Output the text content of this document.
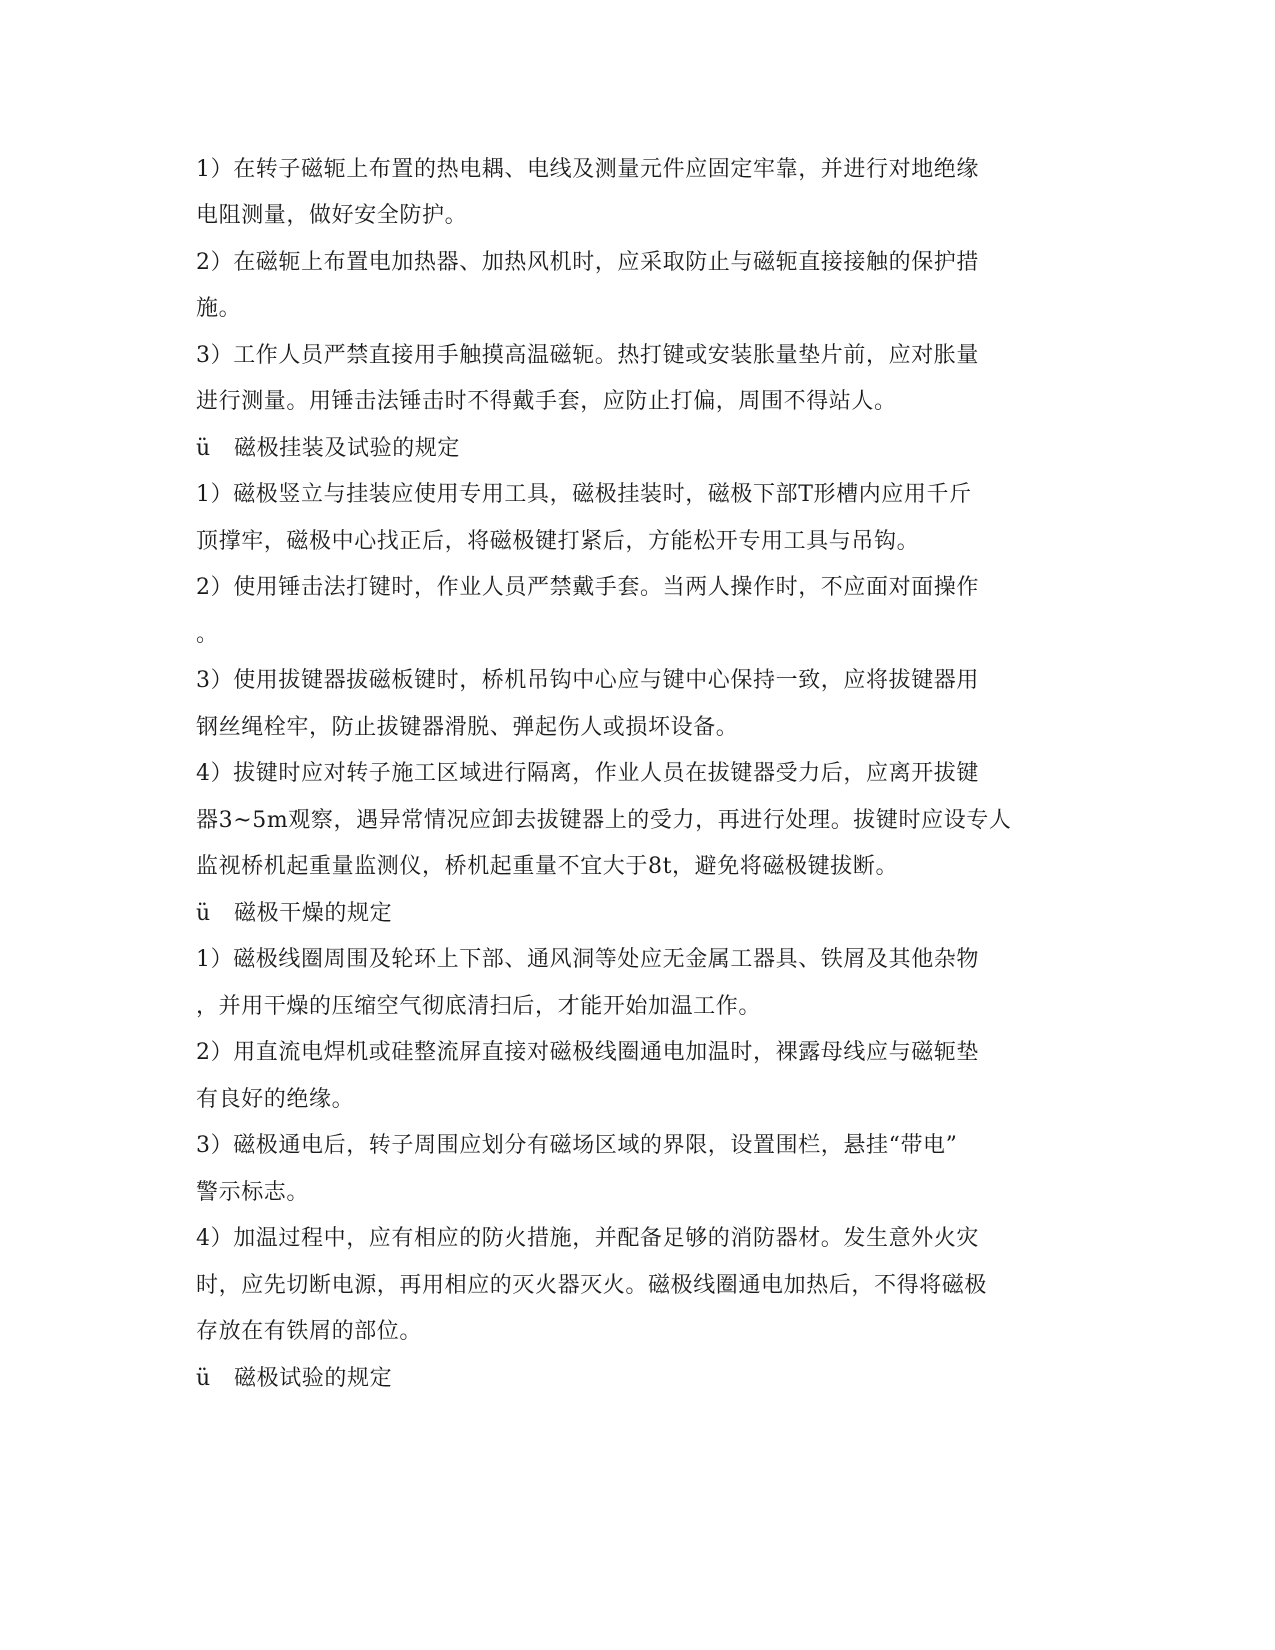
1）在转子磁轭上布置的热电耦、电线及测量元件应固定牢靠，并进行对地绝缘
电阻测量，做好安全防护。
2）在磁轭上布置电加热器、加热风机时，应采取防止与磁轭直接接触的保护措
施。
3）工作人员严禁直接用手触摸高温磁轭。热打键或安装胀量垫片前，应对胀量
进行测量。用锤击法锤击时不得戴手套，应防止打偏，周围不得站人。
ü 磁极挂装及试验的规定
1）磁极竖立与挂装应使用专用工具，磁极挂装时，磁极下部T形槽内应用千斤
顶撑牢，磁极中心找正后，将磁极键打紧后，方能松开专用工具与吊钩。
2）使用锤击法打键时，作业人员严禁戴手套。当两人操作时，不应面对面操作
。
3）使用拔键器拔磁板键时，桥机吊钩中心应与键中心保持一致，应将拔键器用
钢丝绳栓牢，防止拔键器滑脱、弹起伤人或损坏设备。
4）拔键时应对转子施工区域进行隔离，作业人员在拔键器受力后，应离开拔键
器3~5m观察，遇异常情况应卸去拔键器上的受力，再进行处理。拔键时应设专人
监视桥机起重量监测仪，桥机起重量不宜大于8t，避免将磁极键拔断。
ü 磁极干燥的规定
1）磁极线圈周围及轮环上下部、通风洞等处应无金属工器具、铁屑及其他杂物
，并用干燥的压缩空气彻底清扫后，才能开始加温工作。
2）用直流电焊机或硅整流屏直接对磁极线圈通电加温时，裸露母线应与磁轭垫
有良好的绝缘。
3）磁极通电后，转子周围应划分有磁场区域的界限，设置围栏，悬挂“带电”
警示标志。
4）加温过程中，应有相应的防火措施，并配备足够的消防器材。发生意外火灾
时，应先切断电源，再用相应的灭火器灭火。磁极线圈通电加热后，不得将磁极
存放在有铁屑的部位。
ü 磁极试验的规定
